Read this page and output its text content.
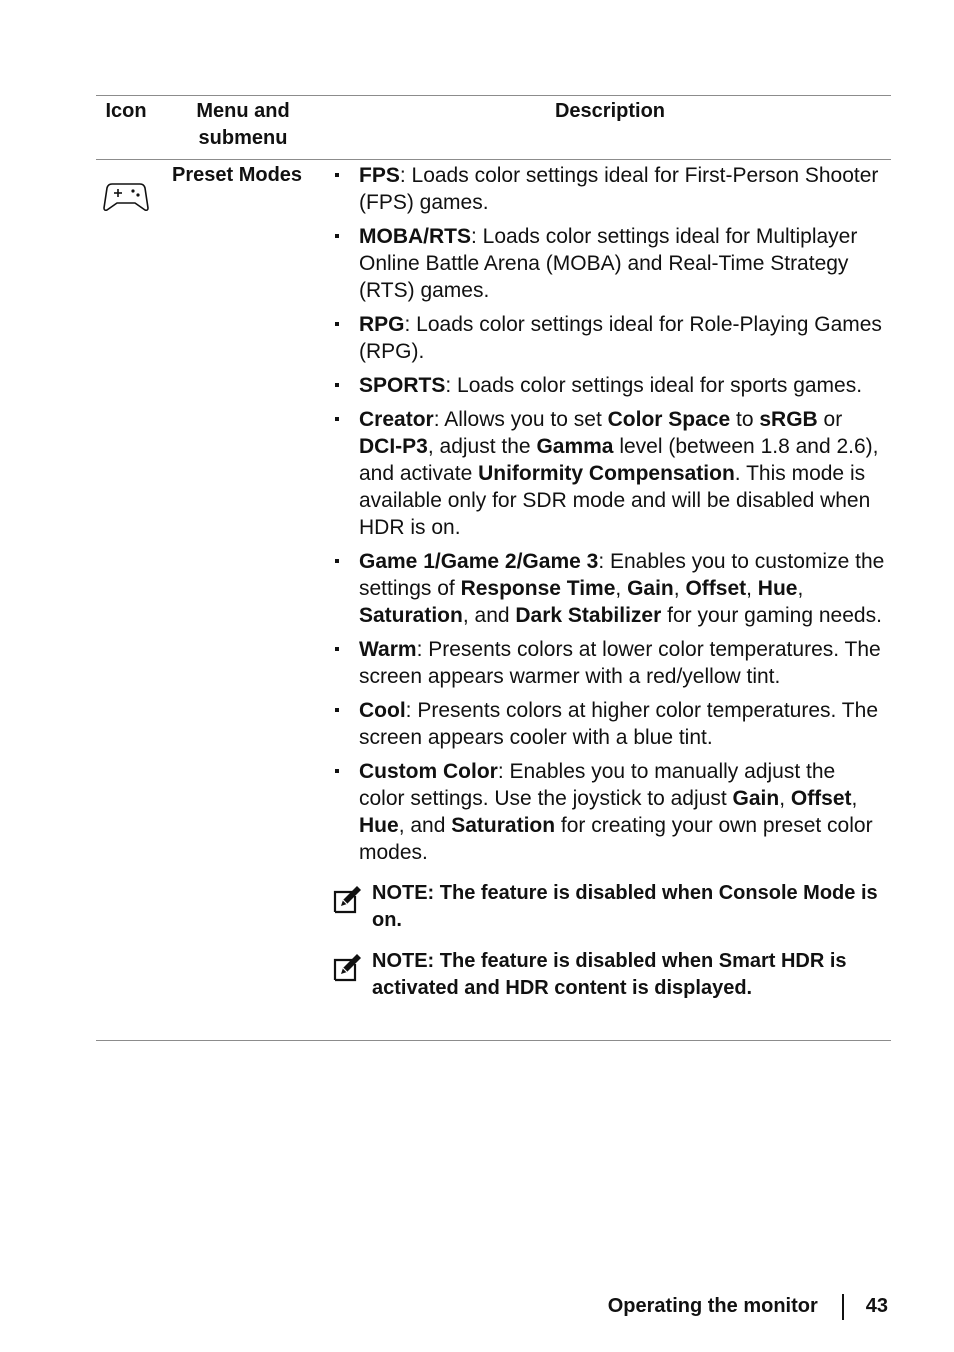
Icon	Menu and submenu
Description
Preset Modes	FPS: Loads color settings ideal for First-Person Shooter (FPS) games.
MOBA/RTS: Loads color settings ideal for Multiplayer Online Battle Arena (MOBA) and Real-Time Strategy (RTS) games.
RPG: Loads color settings ideal for Role-Playing Games (RPG).
SPORTS: Loads color settings ideal for sports games.
Creator: Allows you to set Color Space to sRGB or DCI-P3, adjust the Gamma level (between 1.8 and 2.6), and activate Uniformity Compensation. This mode is available only for SDR mode and will be disabled when HDR is on.
Game 1/Game 2/Game 3: Enables you to customize the settings of Response Time, Gain, Offset, Hue, Saturation, and Dark Stabilizer for your gaming needs.
Warm: Presents colors at lower color temperatures. The screen appears warmer with a red/yellow tint.
Cool: Presents colors at higher color temperatures. The screen appears cooler with a blue tint.
Custom Color: Enables you to manually adjust the color settings. Use the joystick to adjust Gain, Offset, Hue, and Saturation for creating your own preset color modes.
NOTE: The feature is disabled when Console Mode is on.
NOTE: The feature is disabled when Smart HDR is activated and HDR content is displayed.
Operating the monitor 43
